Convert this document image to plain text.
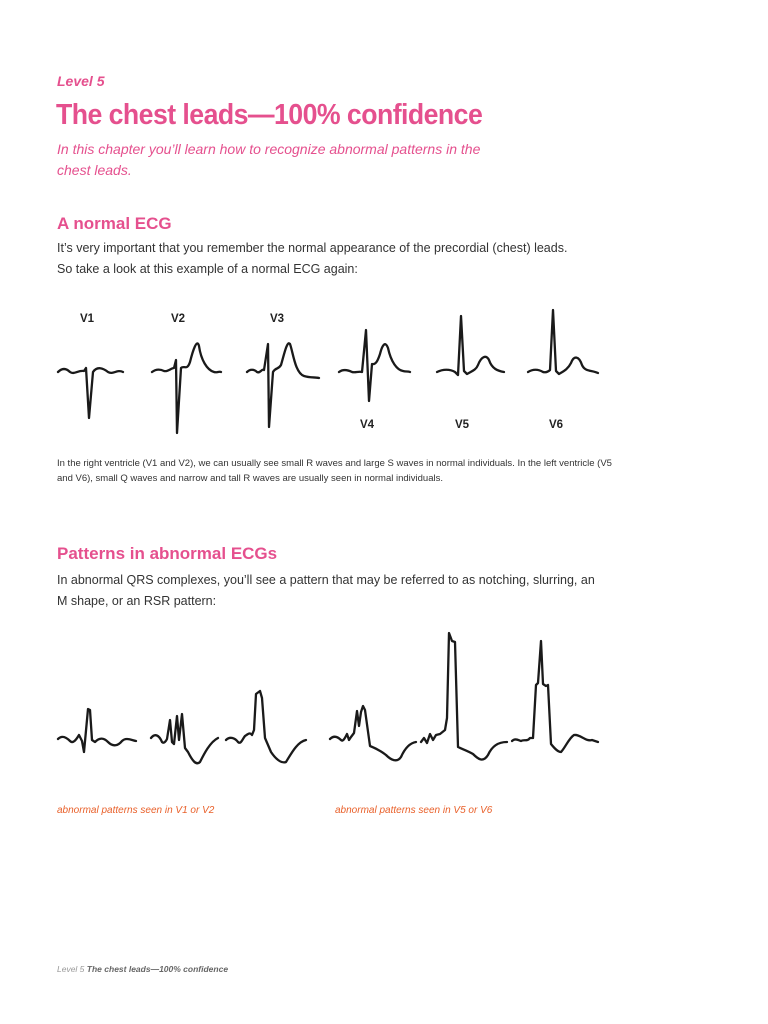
Level 5
The chest leads—100% confidence
In this chapter you’ll learn how to recognize abnormal patterns in the chest leads.
A normal ECG
It’s very important that you remember the normal appearance of the precordial (chest) leads.
So take a look at this example of a normal ECG again:
V1	V2	V3
V4	V5	V6
In the right ventricle (V1 and V2), we can usually see small R waves and large S waves in normal individuals. In the left ventricle (V5 and V6), small Q waves and narrow and tall R waves are usually seen in normal individuals.
Patterns in abnormal ECGs
In abnormal QRS complexes, you’ll see a pattern that may be referred to as notching, slurring, an M shape, or an RSR pattern:
abnormal patterns seen in V1 or V2	abnormal patterns seen in V5 or V6
Level 5 The chest leads—100% confidence
